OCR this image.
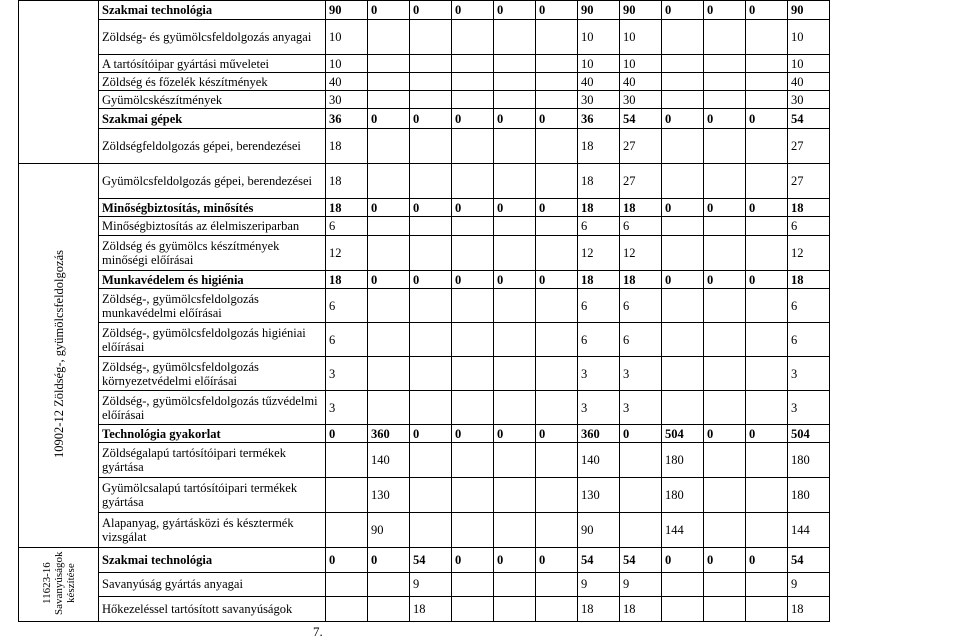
	Szakmai technológia	90	0	0	0	0	0	90	90	0	0	0	90
	Zöldség- és gyümölcsfeldolgozás anyagai	10						10	10				10
	A tartósítóipar gyártási műveletei	10						10	10				10
	Zöldség és főzelék készítmények	40						40	40				40
	Gyümölcskészítmények	30						30	30				30
	Szakmai gépek	36	0	0	0	0	0	36	54	0	0	0	54
	Zöldségfeldolgozás gépei, berendezései	18						18	27				27
10902-12 Zöldség-, gyümölcsfeldolgozás	Gyümölcsfeldolgozás gépei, berendezései	18						18	27				27
	Minőségbiztosítás, minősítés	18	0	0	0	0	0	18	18	0	0	0	18
	Minőségbiztosítás az élelmiszeriparban	6						6	6				6
	Zöldség és gyümölcs készítmények minőségi előírásai	12						12	12				12
	Munkavédelem és higiénia	18	0	0	0	0	0	18	18	0	0	0	18
	Zöldség-, gyümölcsfeldolgozás munkavédelmi előírásai	6						6	6				6
	Zöldség-, gyümölcsfeldolgozás higiéniai előírásai	6						6	6				6
	Zöldség-, gyümölcsfeldolgozás környezetvédelmi előírásai	3						3	3				3
	Zöldség-, gyümölcsfeldolgozás tűzvédelmi előírásai	3						3	3				3
	Technológia gyakorlat	0	360	0	0	0	0	360	0	504	0	0	504
	Zöldségalapú tartósítóipari termékek gyártása		140					140		180			180
	Gyümölcsalapú tartósítóipari termékek gyártása		130					130		180			180
	Alapanyag, gyártásközi és késztermék vizsgálat		90					90		144			144
11623-16 Savanyúságok készítése	Szakmai technológia	0	0	54	0	0	0	54	54	0	0	0	54
	Savanyúság gyártás anyagai			9				9	9				9
	Hőkezeléssel tartósított savanyúságok			18				18	18				18
7.
